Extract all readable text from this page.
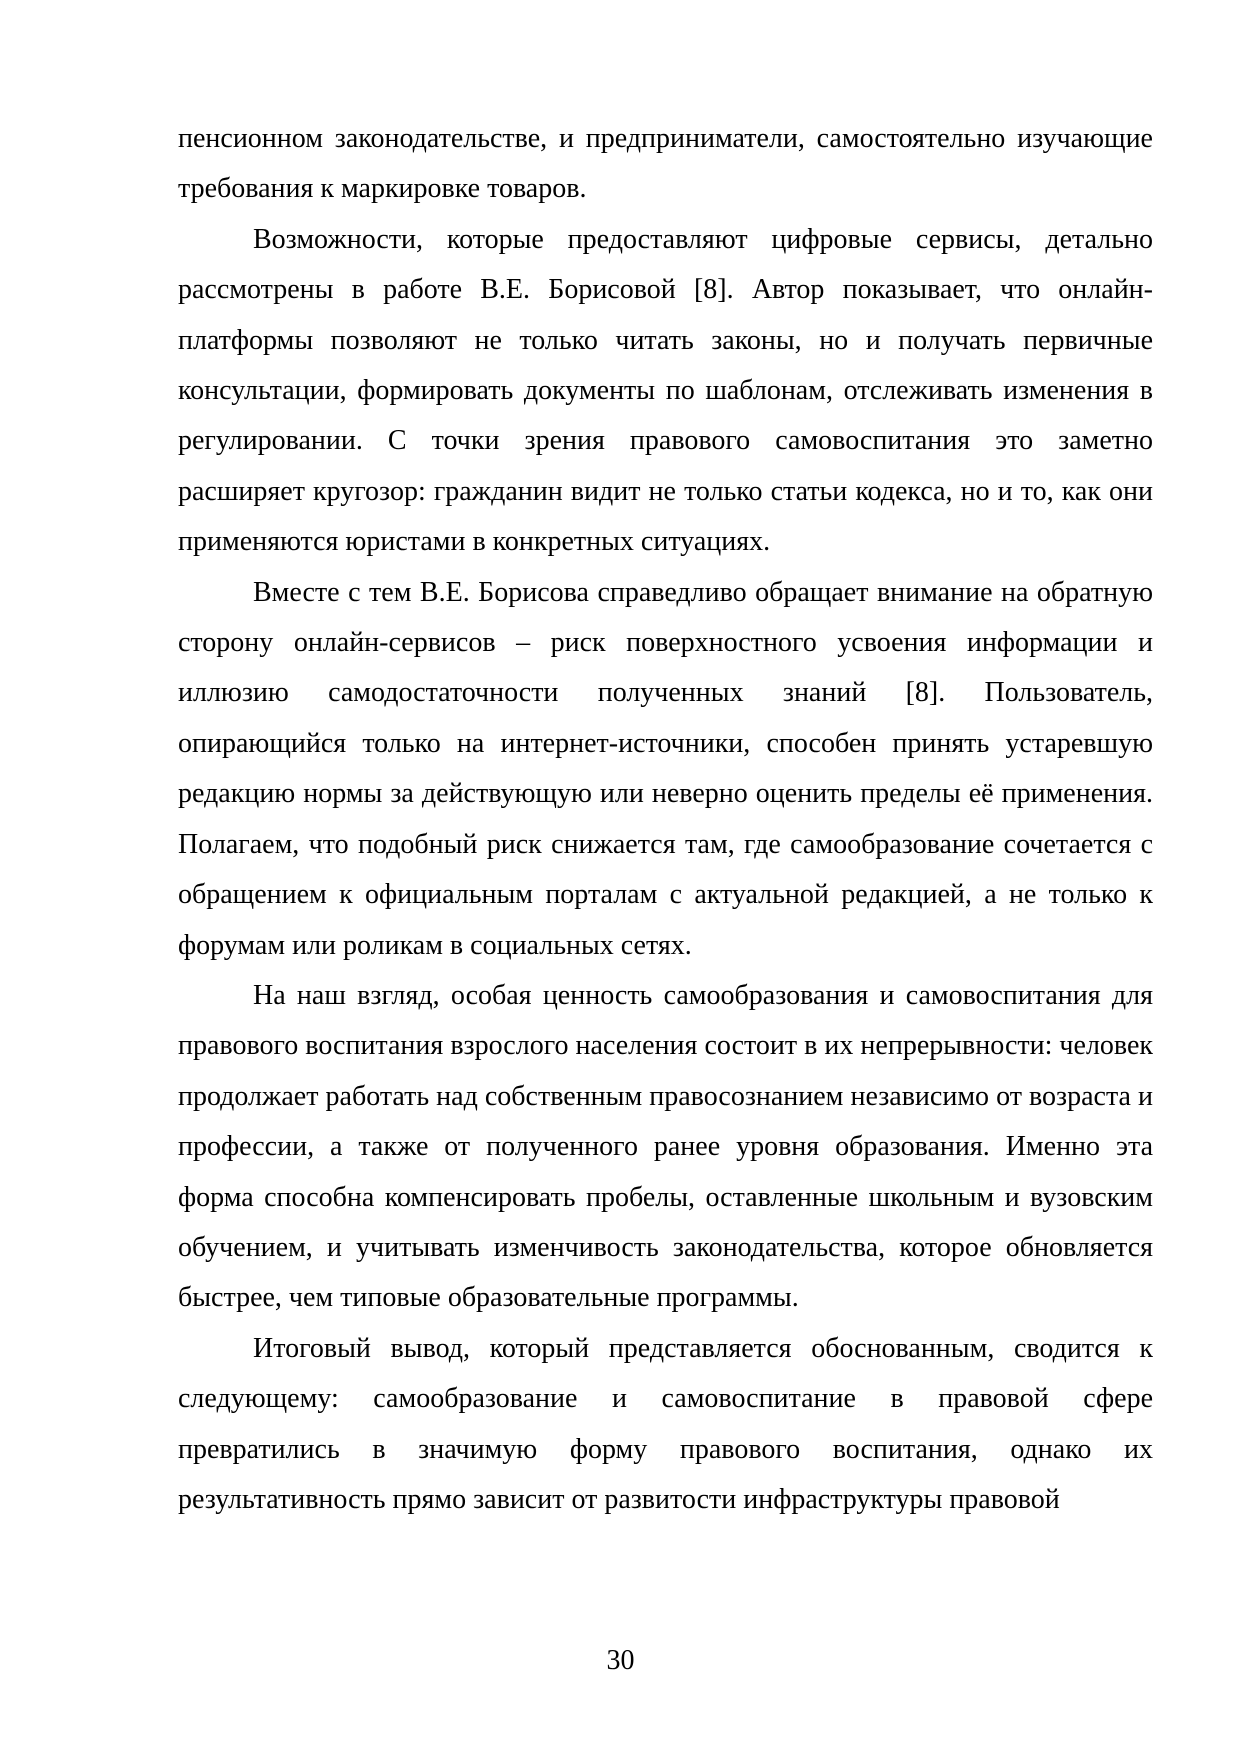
пенсионном законодательстве, и предприниматели, самостоятельно изучающие требования к маркировке товаров.

Возможности, которые предоставляют цифровые сервисы, детально рассмотрены в работе В.Е. Борисовой [8]. Автор показывает, что онлайн-платформы позволяют не только читать законы, но и получать первичные консультации, формировать документы по шаблонам, отслеживать изменения в регулировании. С точки зрения правового самовоспитания это заметно расширяет кругозор: гражданин видит не только статьи кодекса, но и то, как они применяются юристами в конкретных ситуациях.

Вместе с тем В.Е. Борисова справедливо обращает внимание на обратную сторону онлайн-сервисов – риск поверхностного усвоения информации и иллюзию самодостаточности полученных знаний [8]. Пользователь, опирающийся только на интернет-источники, способен принять устаревшую редакцию нормы за действующую или неверно оценить пределы её применения. Полагаем, что подобный риск снижается там, где самообразование сочетается с обращением к официальным порталам с актуальной редакцией, а не только к форумам или роликам в социальных сетях.

На наш взгляд, особая ценность самообразования и самовоспитания для правового воспитания взрослого населения состоит в их непрерывности: человек продолжает работать над собственным правосознанием независимо от возраста и профессии, а также от полученного ранее уровня образования. Именно эта форма способна компенсировать пробелы, оставленные школьным и вузовским обучением, и учитывать изменчивость законодательства, которое обновляется быстрее, чем типовые образовательные программы.

Итоговый вывод, который представляется обоснованным, сводится к следующему: самообразование и самовоспитание в правовой сфере превратились в значимую форму правового воспитания, однако их результативность прямо зависит от развитости инфраструктуры правовой

30
